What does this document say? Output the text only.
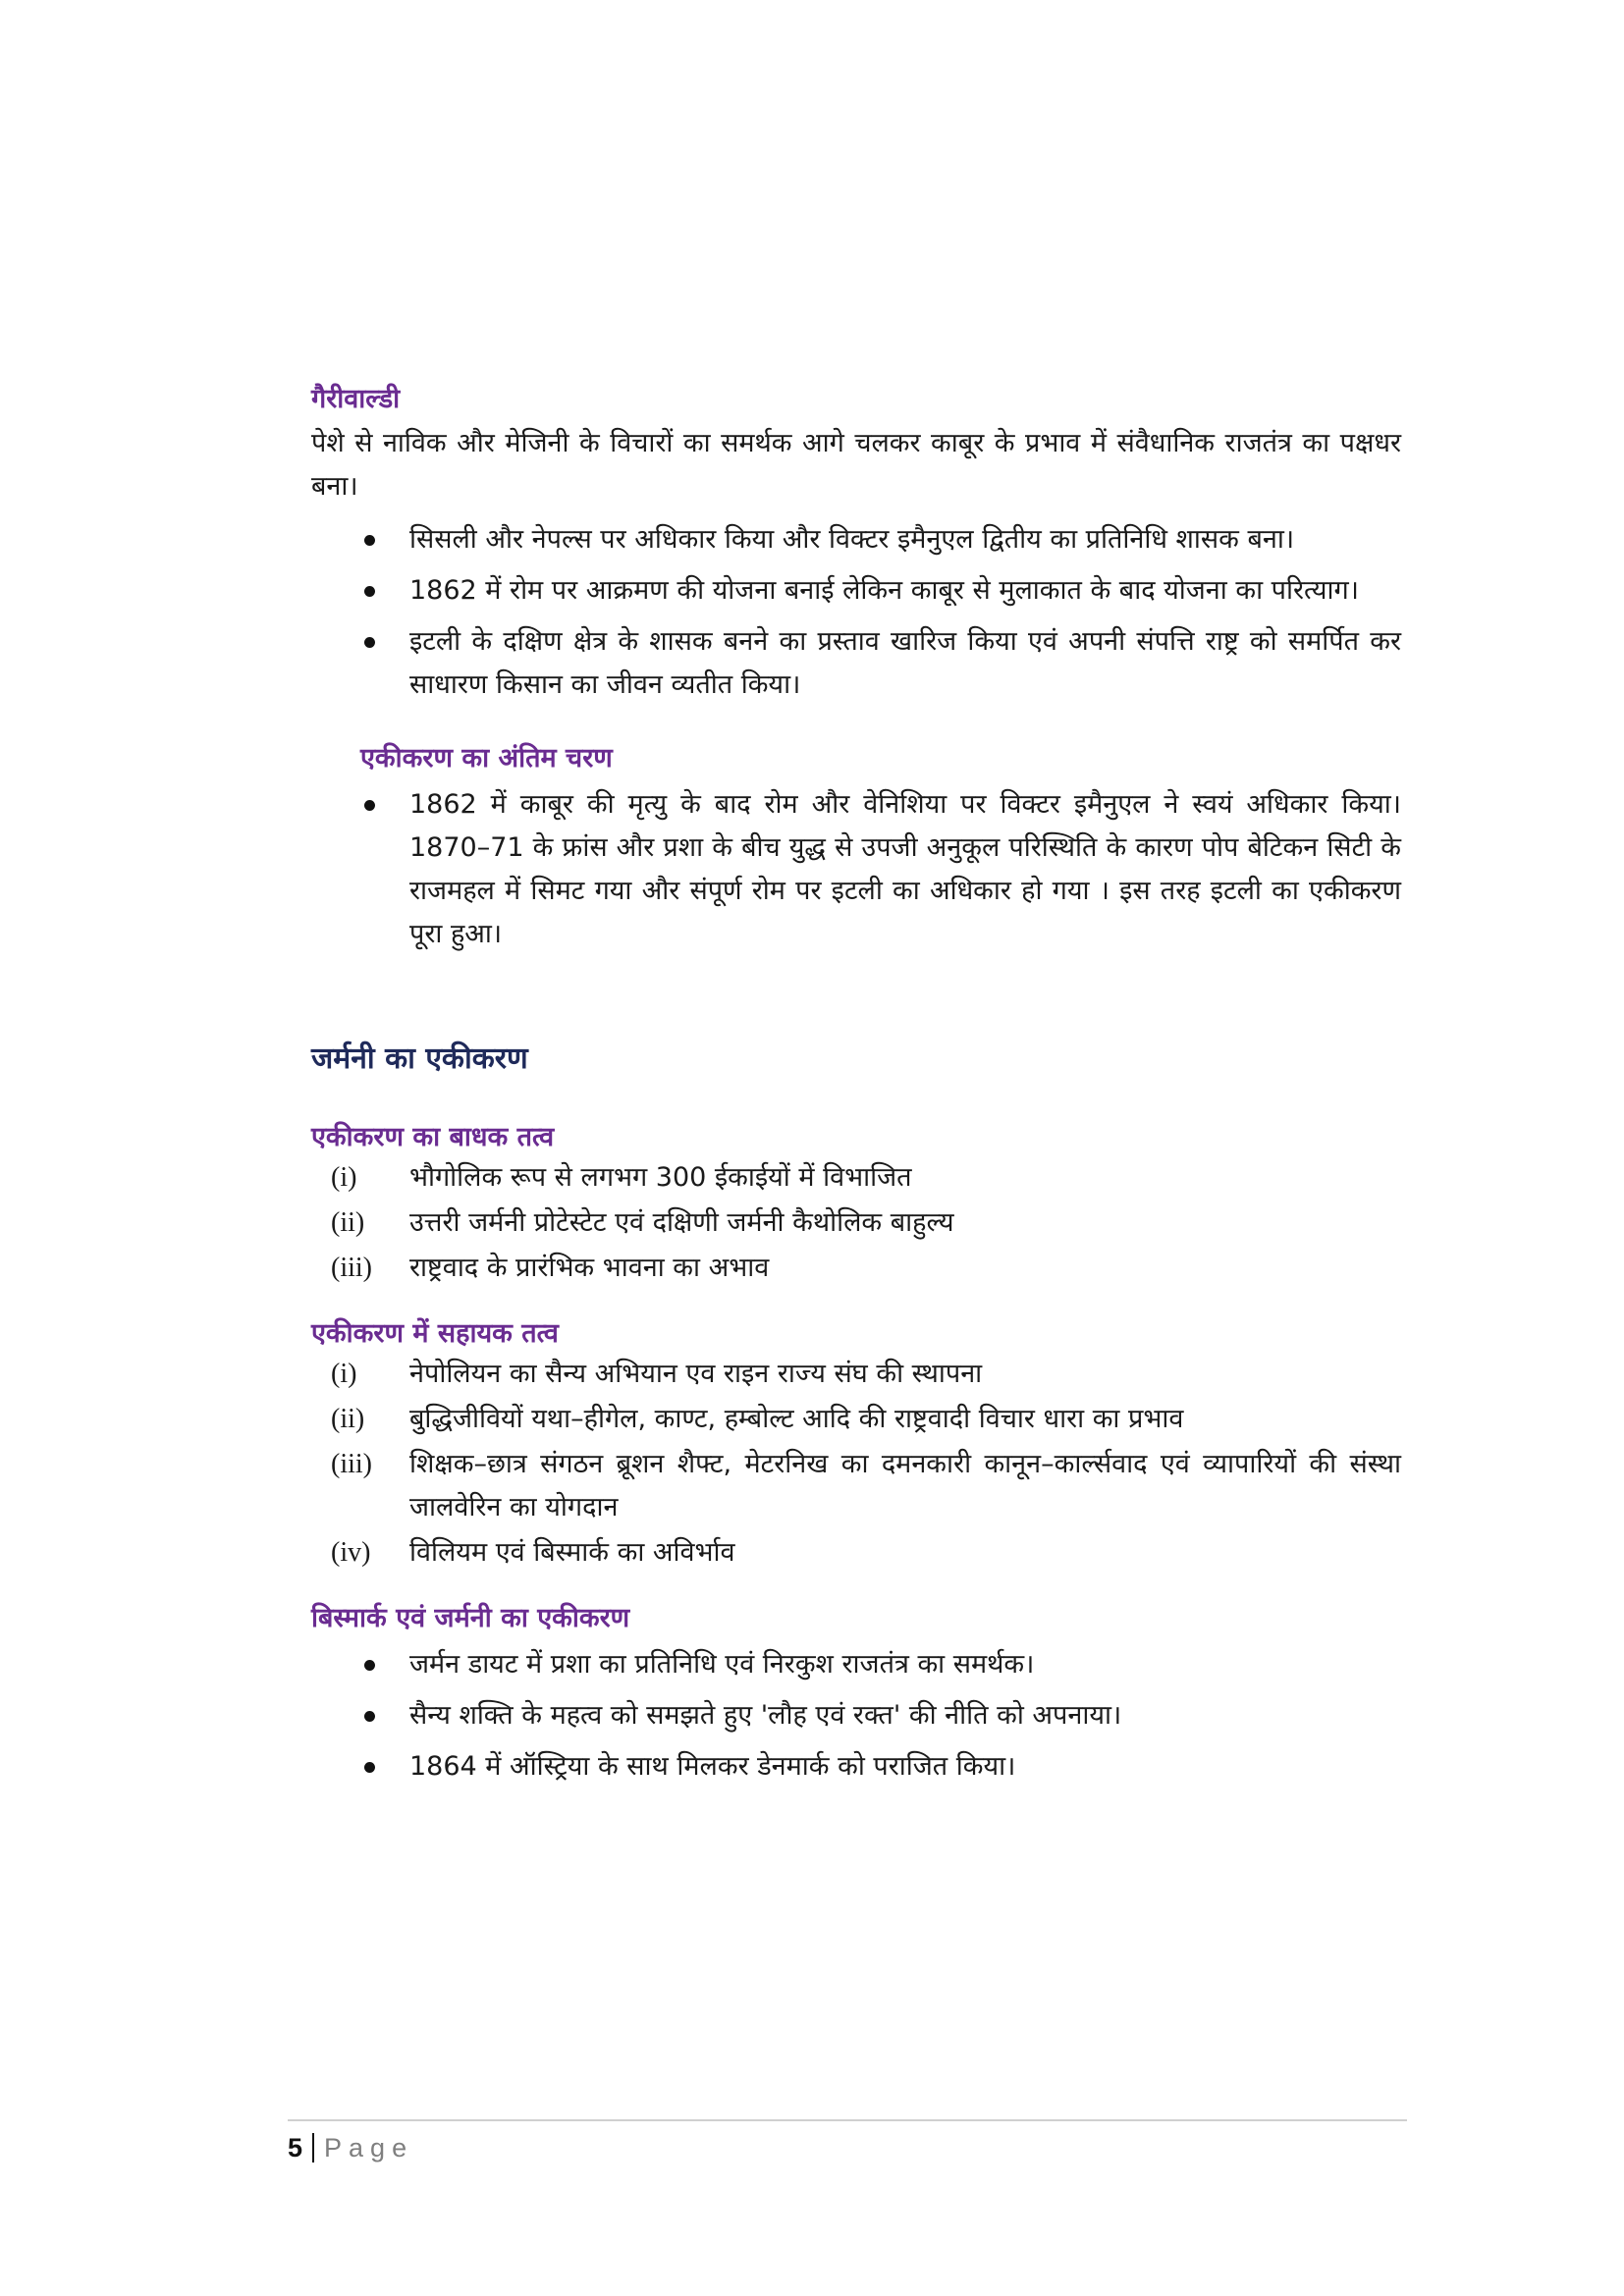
गैरीवाल्डी

पेशे से नाविक और मेजिनी के विचारों का समर्थक आगे चलकर काबूर के प्रभाव में संवैधानिक राजतंत्र का पक्षधर बना।

सिसली और नेपल्स पर अधिकार किया और विक्टर इमैनुएल द्वितीय का प्रतिनिधि शासक बना।
1862 में रोम पर आक्रमण की योजना बनाई लेकिन काबूर से मुलाकात के बाद योजना का परित्याग।
इटली के दक्षिण क्षेत्र के शासक बनने का प्रस्ताव खारिज किया एवं अपनी संपत्ति राष्ट्र को समर्पित कर साधारण किसान का जीवन व्यतीत किया।
एकीकरण का अंतिम चरण
1862 में काबूर की मृत्यु के बाद रोम और वेनिशिया पर विक्टर इमैनुएल ने स्वयं अधिकार किया। 1870–71 के फ्रांस और प्रशा के बीच युद्ध से उपजी अनुकूल परिस्थिति के कारण पोप बेटिकन सिटी के राजमहल में सिमट गया और संपूर्ण रोम पर इटली का अधिकार हो गया । इस तरह इटली का एकीकरण पूरा हुआ।
जर्मनी का एकीकरण
एकीकरण का बाधक तत्व
(i) भौगोलिक रूप से लगभग 300 ईकाईयों में विभाजित
(ii) उत्तरी जर्मनी प्रोटेस्टेट एवं दक्षिणी जर्मनी कैथोलिक बाहुल्य
(iii) राष्ट्रवाद के प्रारंभिक भावना का अभाव
एकीकरण में सहायक तत्व
(i) नेपोलियन का सैन्य अभियान एव राइन राज्य संघ की स्थापना
(ii) बुद्धिजीवियों यथा–हीगेल, काण्ट, हम्बोल्ट आदि की राष्ट्रवादी विचार धारा का प्रभाव
(iii) शिक्षक–छात्र संगठन ब्रूशन शैफ्ट, मेटरनिख का दमनकारी कानून–कार्ल्सवाद एवं व्यापारियों की संस्था जालवेरिन का योगदान
(iv) विलियम एवं बिस्मार्क का अविर्भाव
बिस्मार्क एवं जर्मनी का एकीकरण
जर्मन डायट में प्रशा का प्रतिनिधि एवं निरकुश राजतंत्र का समर्थक।
सैन्य शक्ति के महत्व को समझते हुए 'लौह एवं रक्त' की नीति को अपनाया।
1864 में ऑस्ट्रिया के साथ मिलकर डेनमार्क को पराजित किया।
5 Page
